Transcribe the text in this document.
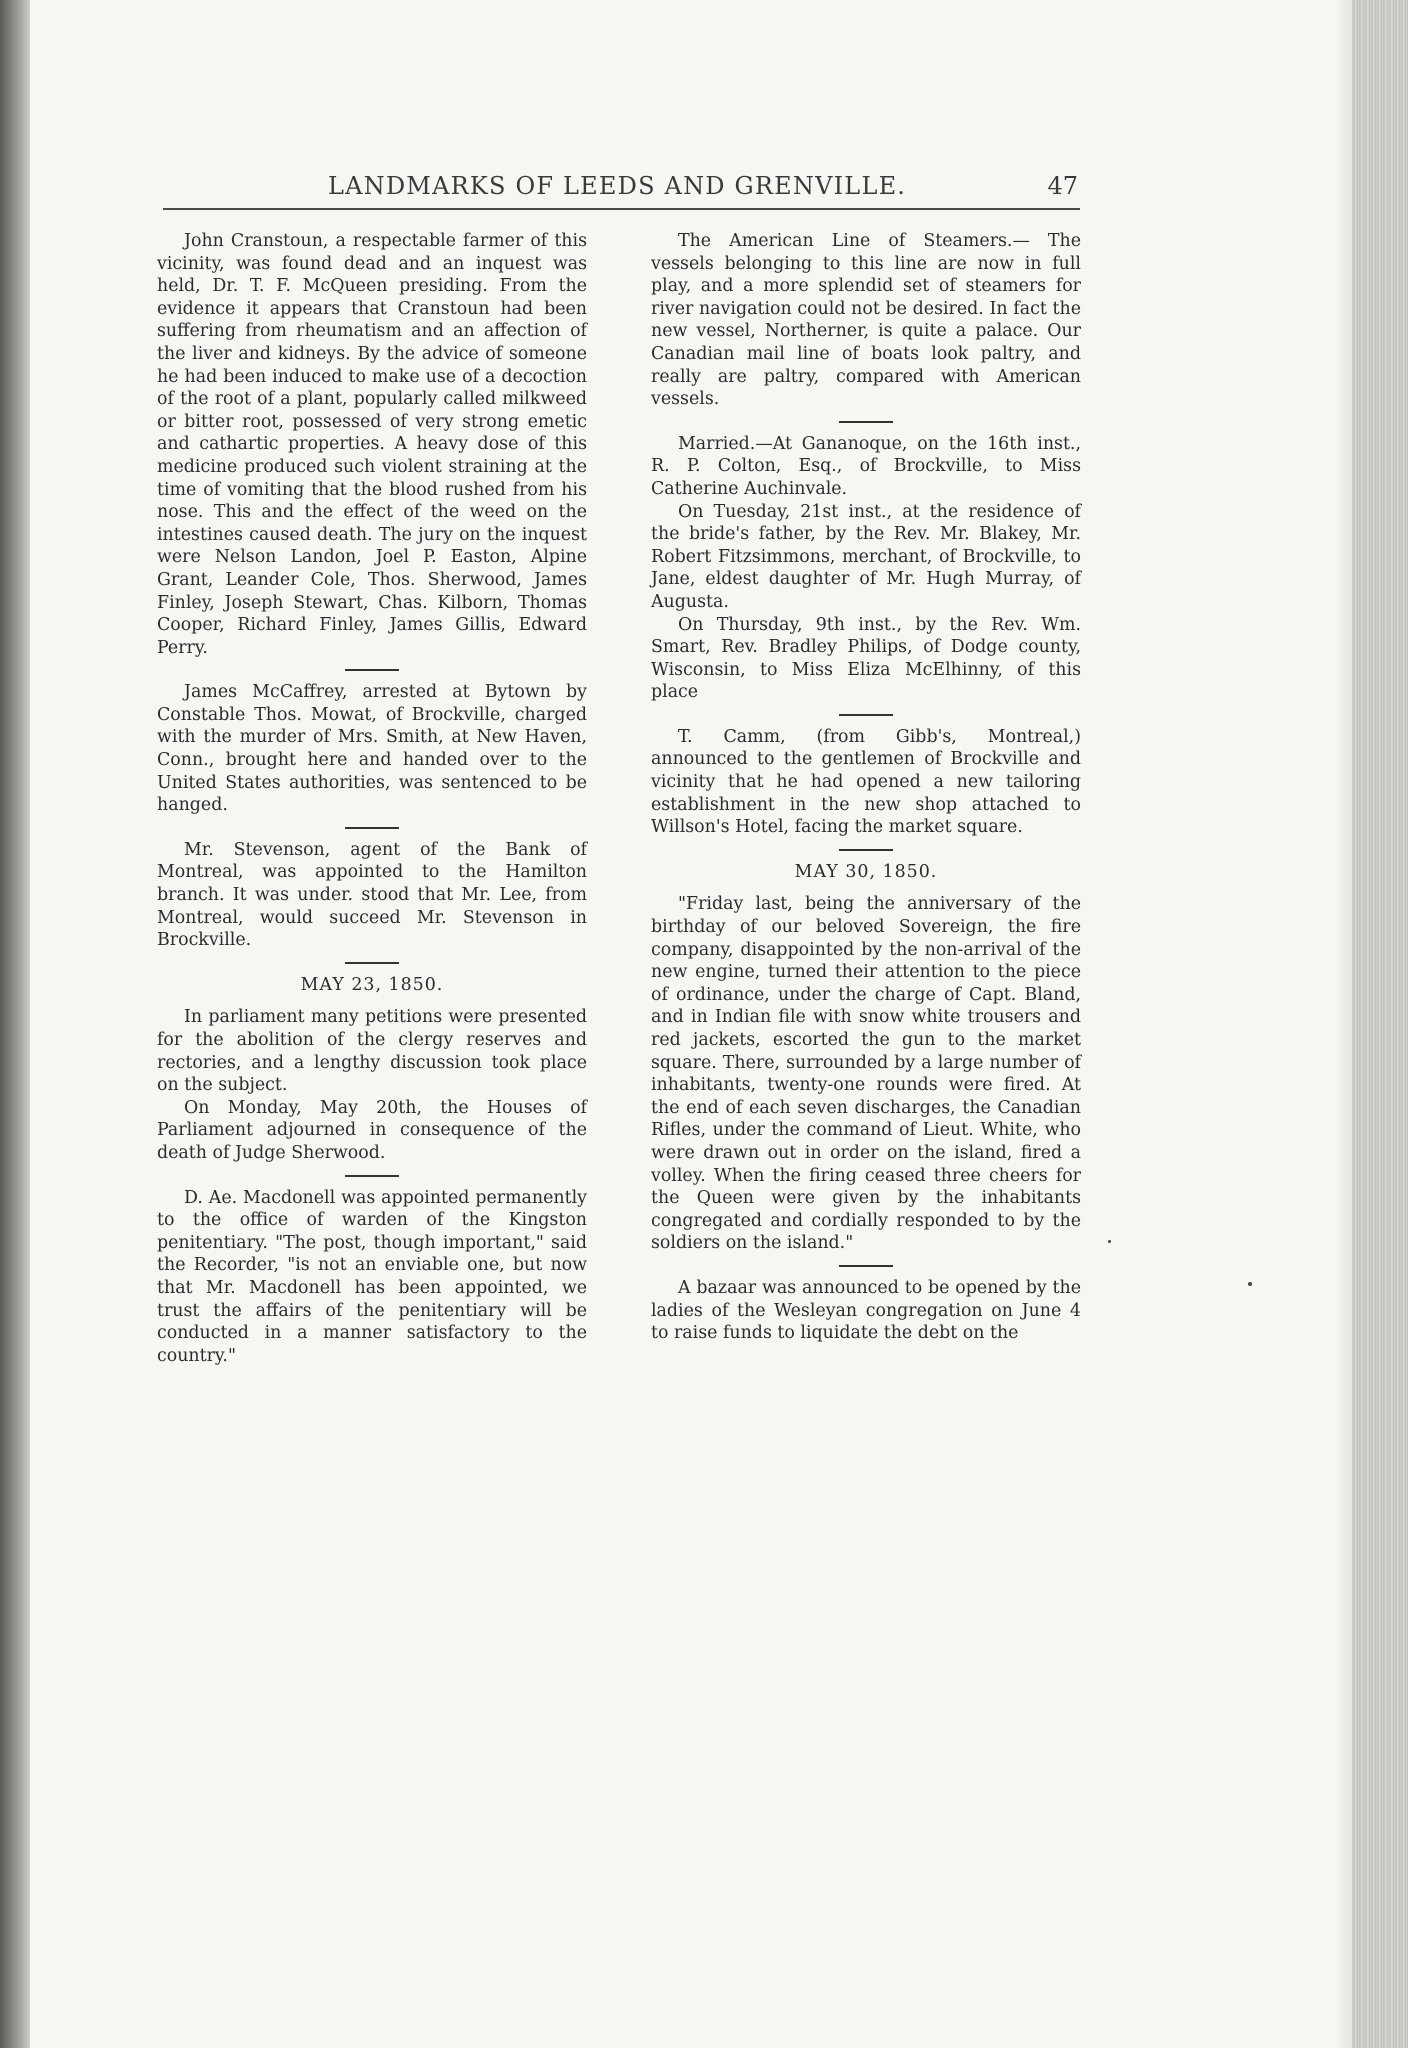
LANDMARKS OF LEEDS AND GRENVILLE.	47

John Cranstoun, a respectable farmer of this vicinity, was found dead and an inquest was held, Dr. T. F. McQueen presiding. From the evidence it appears that Cranstoun had been suffering from rheumatism and an affection of the liver and kidneys. By the advice of someone he had been induced to make use of a decoction of the root of a plant, popularly called milkweed or bitter root, possessed of very strong emetic and cathartic properties. A heavy dose of this medicine produced such violent straining at the time of vomiting that the blood rushed from his nose. This and the effect of the weed on the intestines caused death. The jury on the inquest were Nelson Landon, Joel P. Easton, Alpine Grant, Leander Cole, Thos. Sherwood, James Finley, Joseph Stewart, Chas. Kilborn, Thomas Cooper, Richard Finley, James Gillis, Edward Perry.

James McCaffrey, arrested at Bytown by Constable Thos. Mowat, of Brockville, charged with the murder of Mrs. Smith, at New Haven, Conn., brought here and handed over to the United States authorities, was sentenced to be hanged.

Mr. Stevenson, agent of the Bank of Montreal, was appointed to the Hamilton branch. It was under. stood that Mr. Lee, from Montreal, would succeed Mr. Stevenson in Brockville.

MAY 23, 1850.

In parliament many petitions were presented for the abolition of the clergy reserves and rectories, and a lengthy discussion took place on the subject.

On Monday, May 20th, the Houses of Parliament adjourned in consequence of the death of Judge Sherwood.

D. Ae. Macdonell was appointed permanently to the office of warden of the Kingston penitentiary. "The post, though important," said the Recorder, "is not an enviable one, but now that Mr. Macdonell has been appointed, we trust the affairs of the penitentiary will be conducted in a manner satisfactory to the country."

The American Line of Steamers.— The vessels belonging to this line are now in full play, and a more splendid set of steamers for river navigation could not be desired. In fact the new vessel, Northerner, is quite a palace. Our Canadian mail line of boats look paltry, and really are paltry, compared with American vessels.

Married.—At Gananoque, on the 16th inst., R. P. Colton, Esq., of Brockville, to Miss Catherine Auchinvale.

On Tuesday, 21st inst., at the residence of the bride's father, by the Rev. Mr. Blakey, Mr. Robert Fitzsimmons, merchant, of Brockville, to Jane, eldest daughter of Mr. Hugh Murray, of Augusta.

On Thursday, 9th inst., by the Rev. Wm. Smart, Rev. Bradley Philips, of Dodge county, Wisconsin, to Miss Eliza McElhinny, of this place

T. Camm, (from Gibb's, Montreal,) announced to the gentlemen of Brockville and vicinity that he had opened a new tailoring establishment in the new shop attached to Willson's Hotel, facing the market square.

MAY 30, 1850.

"Friday last, being the anniversary of the birthday of our beloved Sovereign, the fire company, disappointed by the non-arrival of the new engine, turned their attention to the piece of ordinance, under the charge of Capt. Bland, and in Indian file with snow white trousers and red jackets, escorted the gun to the market square. There, surrounded by a large number of inhabitants, twenty-one rounds were fired. At the end of each seven discharges, the Canadian Rifles, under the command of Lieut. White, who were drawn out in order on the island, fired a volley. When the firing ceased three cheers for the Queen were given by the inhabitants congregated and cordially responded to by the soldiers on the island."

A bazaar was announced to be opened by the ladies of the Wesleyan congregation on June 4 to raise funds to liquidate the debt on the
